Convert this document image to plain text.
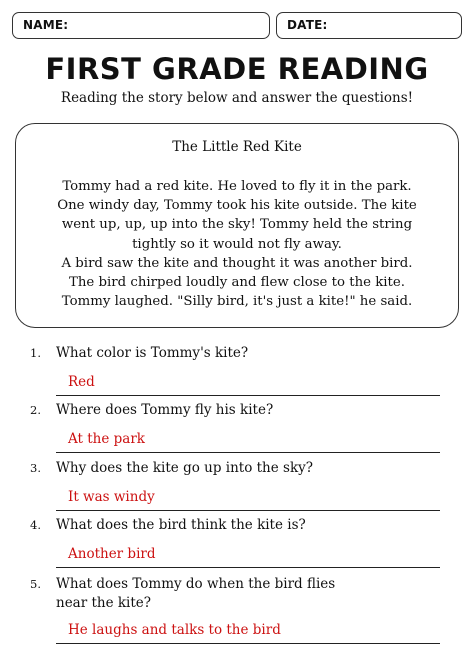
NAME:	DATE:
FIRST GRADE READING
Reading the story below and answer the questions!
The Little Red Kite
Tommy had a red kite. He loved to fly it in the park.
One windy day, Tommy took his kite outside. The kite
went up, up, up into the sky! Tommy held the string
tightly so it would not fly away.
A bird saw the kite and thought it was another bird.
The bird chirped loudly and flew close to the kite.
Tommy laughed. "Silly bird, it's just a kite!" he said.
1. What color is Tommy's kite?
Red
2. Where does Tommy fly his kite?
At the park
3. Why does the kite go up into the sky?
It was windy
4. What does the bird think the kite is?
Another bird
5. What does Tommy do when the bird flies
near the kite?
He laughs and talks to the bird
